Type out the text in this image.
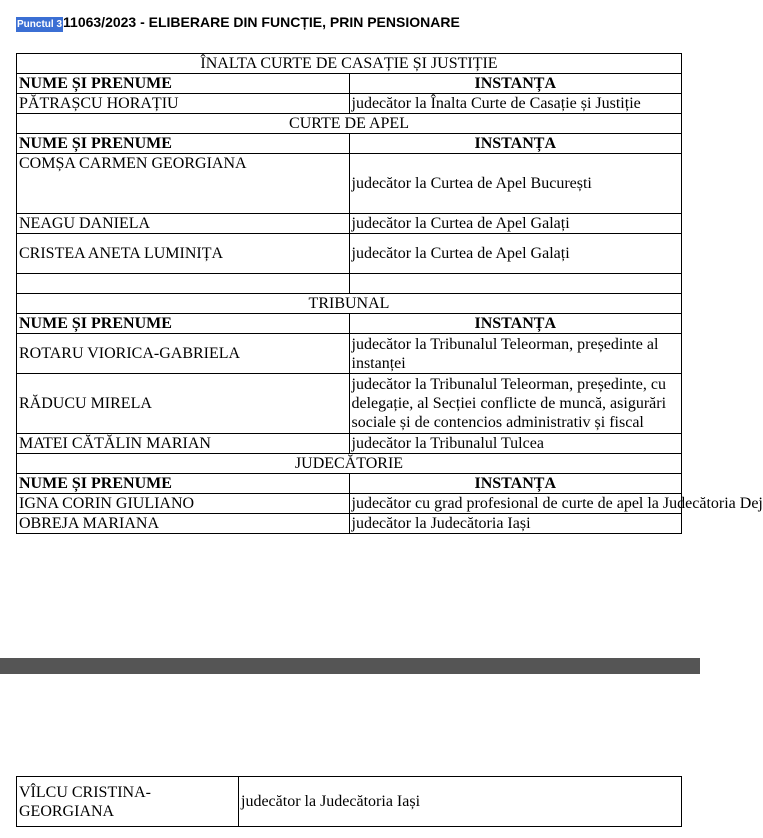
Punctul 311063/2023 - ELIBERARE DIN FUNCȚIE, PRIN PENSIONARE
ÎNALTA CURTE DE CASAȚIE ȘI JUSTIȚIE	
NUME ȘI PRENUME	INSTANȚA
PĂTRAȘCU HORAȚIU	judecător la Înalta Curte de Casație și Justiție
CURTE DE APEL	
NUME ȘI PRENUME	INSTANȚA
COMȘA CARMEN GEORGIANA	judecător la Curtea de Apel București
NEAGU DANIELA	judecător la Curtea de Apel Galați
CRISTEA ANETA LUMINIȚA	judecător la Curtea de Apel Galați

TRIBUNAL	
NUME ȘI PRENUME	INSTANȚA
ROTARU VIORICA-GABRIELA	judecător la Tribunalul Teleorman, președinte al instanței
RĂDUCU MIRELA	judecător la Tribunalul Teleorman, președinte, cu delegație, al Secției conflicte de muncă, asigurări sociale și de contencios administrativ și fiscal
MATEI CĂTĂLIN MARIAN	judecător la Tribunalul Tulcea
JUDECĂTORIE	
NUME ȘI PRENUME	INSTANȚA
IGNA CORIN GIULIANO	judecător cu grad profesional de curte de apel la Judecătoria Dej
OBREJA MARIANA	judecător la Judecătoria Iași
VÎLCU CRISTINA-GEORGIANA	judecător la Judecătoria Iași
